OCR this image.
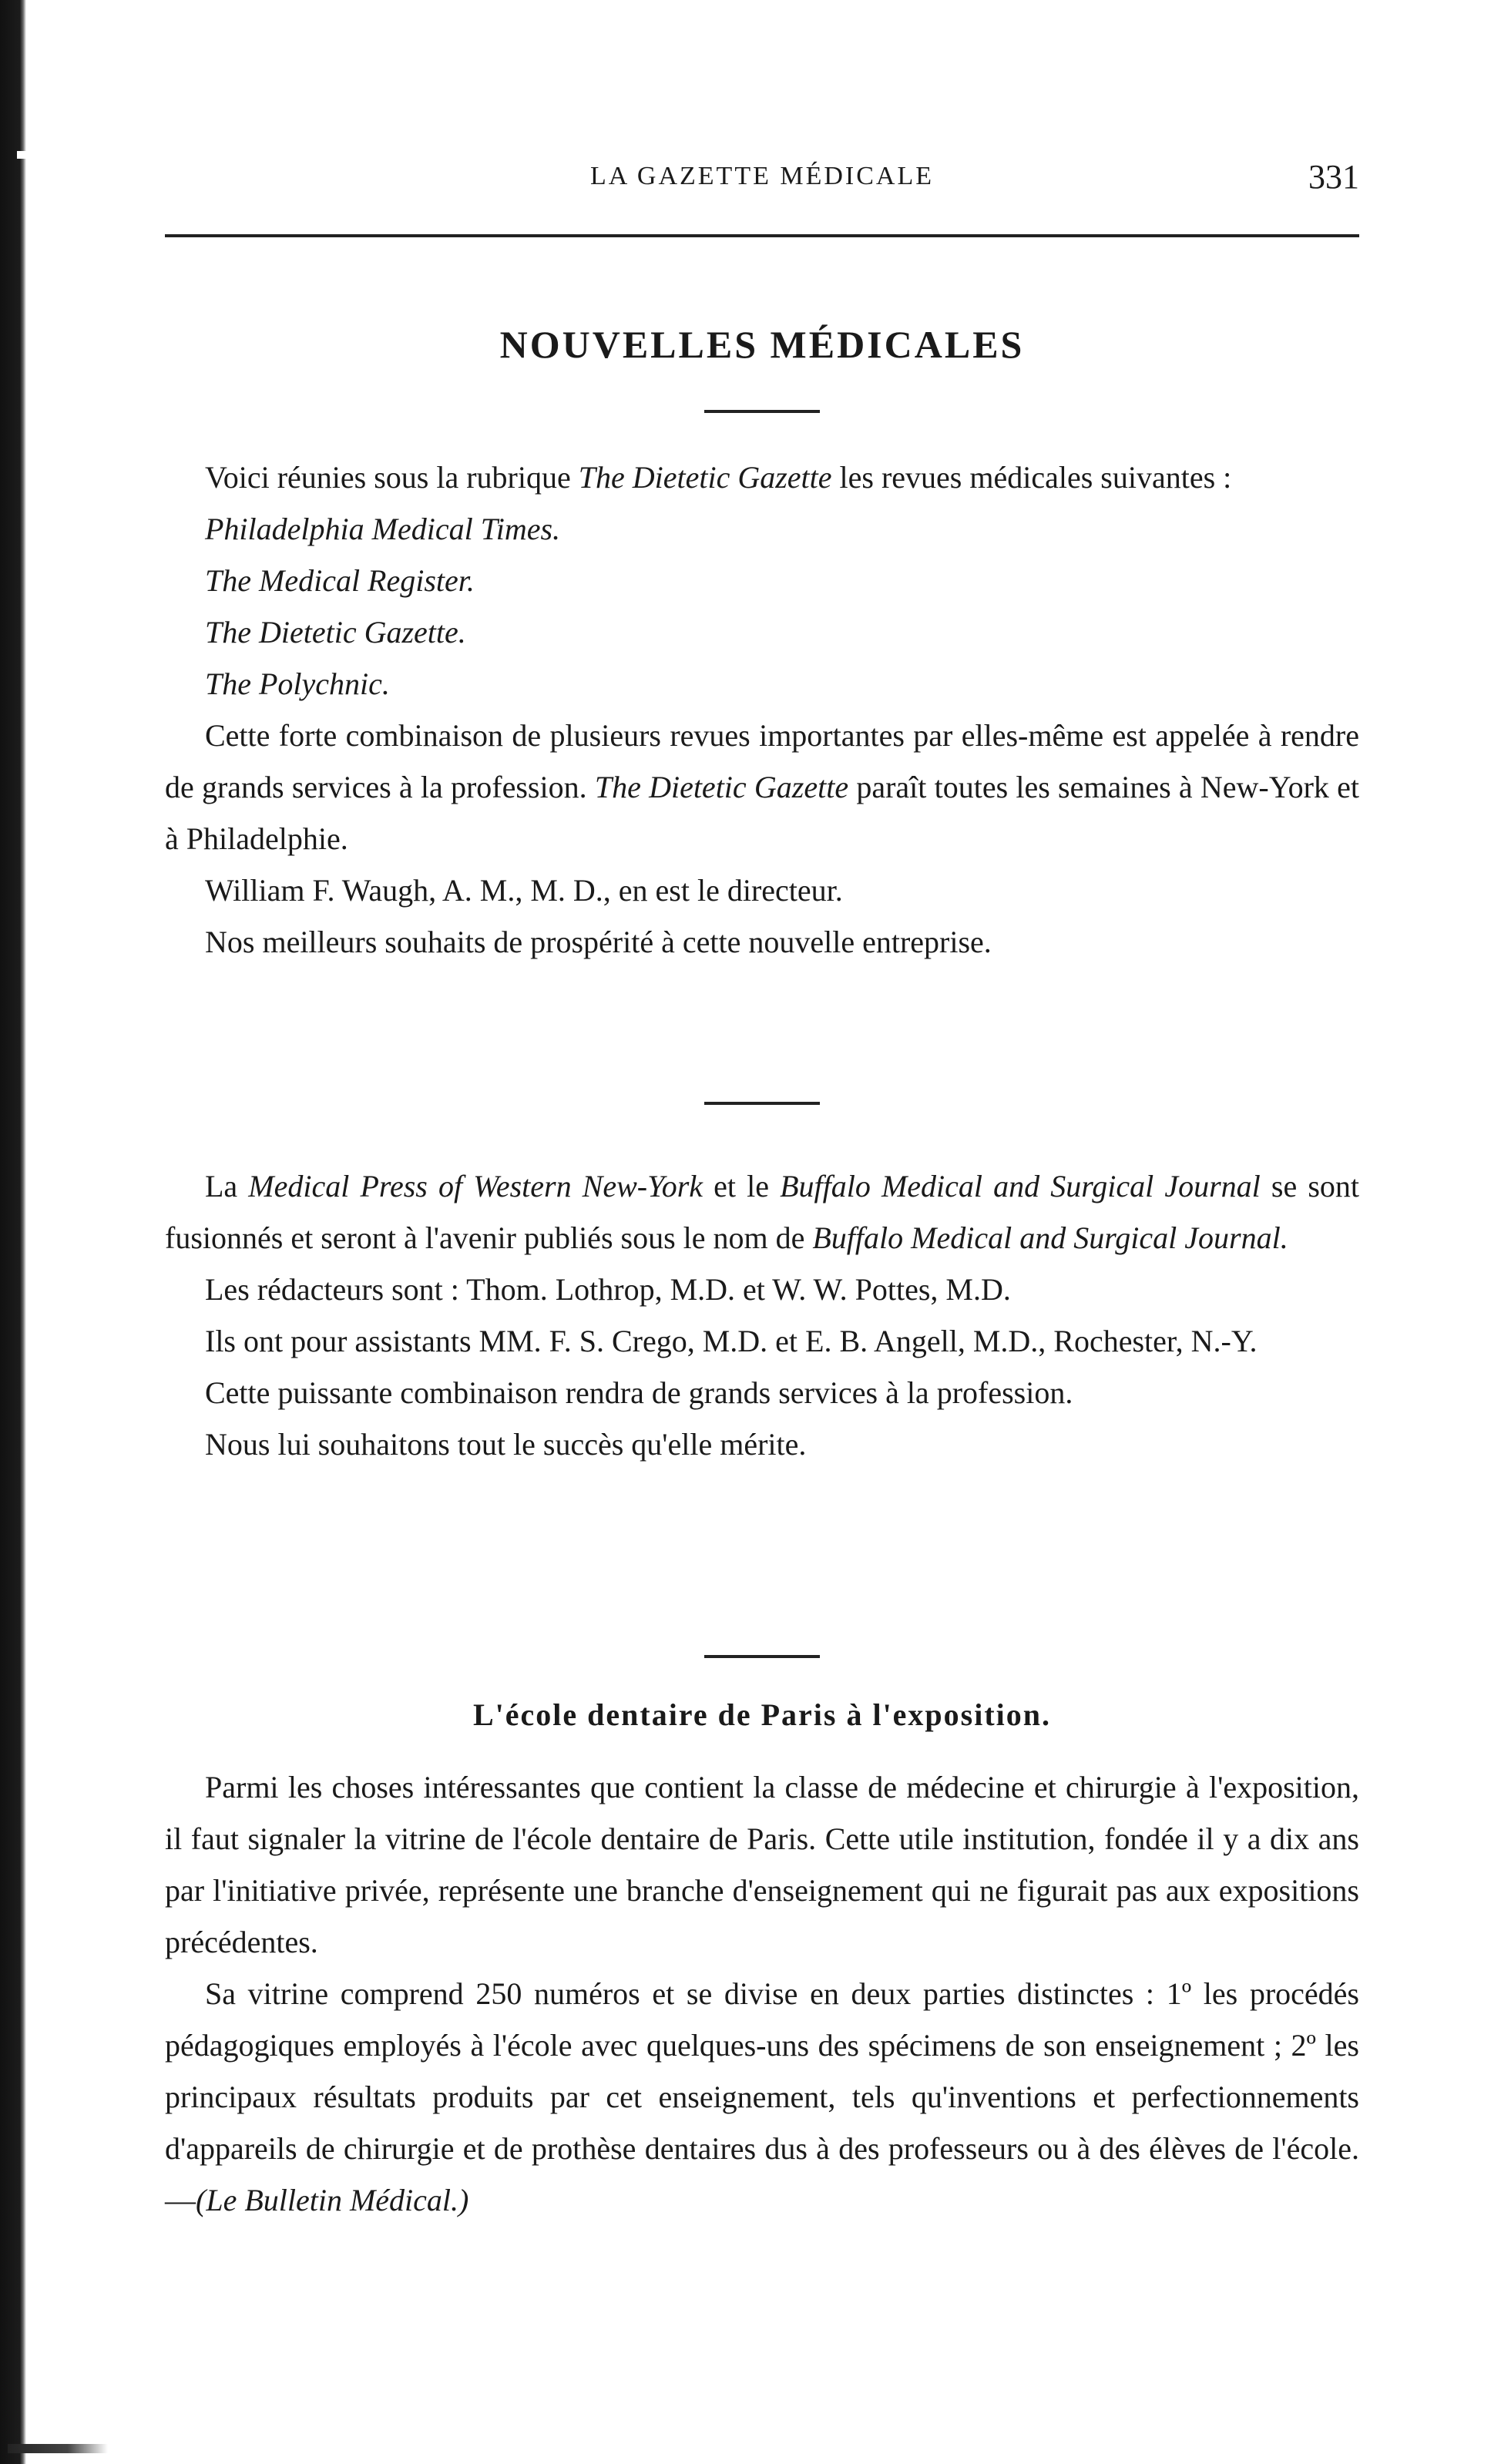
LA GAZETTE MÉDICALE	331
NOUVELLES MÉDICALES

Voici réunies sous la rubrique The Dietetic Gazette les revues médicales suivantes :

Philadelphia Medical Times.
The Medical Register.
The Dietetic Gazette.
The Polychnic.

Cette forte combinaison de plusieurs revues importantes par elles-même est appelée à rendre de grands services à la profession. The Dietetic Gazette paraît toutes les semaines à New-York et à Philadelphie.

William F. Waugh, A. M., M. D., en est le directeur.

Nos meilleurs souhaits de prospérité à cette nouvelle entreprise.

La Medical Press of Western New-York et le Buffalo Medical and Surgical Journal se sont fusionnés et seront à l'avenir publiés sous le nom de Buffalo Medical and Surgical Journal.

Les rédacteurs sont : Thom. Lothrop, M.D. et W. W. Pottes, M.D.

Ils ont pour assistants MM. F. S. Crego, M.D. et E. B. Angell, M.D., Rochester, N.-Y.

Cette puissante combinaison rendra de grands services à la profession.

Nous lui souhaitons tout le succès qu'elle mérite.

L'école dentaire de Paris à l'exposition.

Parmi les choses intéressantes que contient la classe de médecine et chirurgie à l'exposition, il faut signaler la vitrine de l'école dentaire de Paris. Cette utile institution, fondée il y a dix ans par l'initiative privée, représente une branche d'enseignement qui ne figurait pas aux expositions précédentes.

Sa vitrine comprend 250 numéros et se divise en deux parties distinctes : 1º les procédés pédagogiques employés à l'école avec quelques-uns des spécimens de son enseignement ; 2º les principaux résultats produits par cet enseignement, tels qu'inventions et perfectionnements d'appareils de chirurgie et de prothèse dentaires dus à des professeurs ou à des élèves de l'école.—(Le Bulletin Médical.)
